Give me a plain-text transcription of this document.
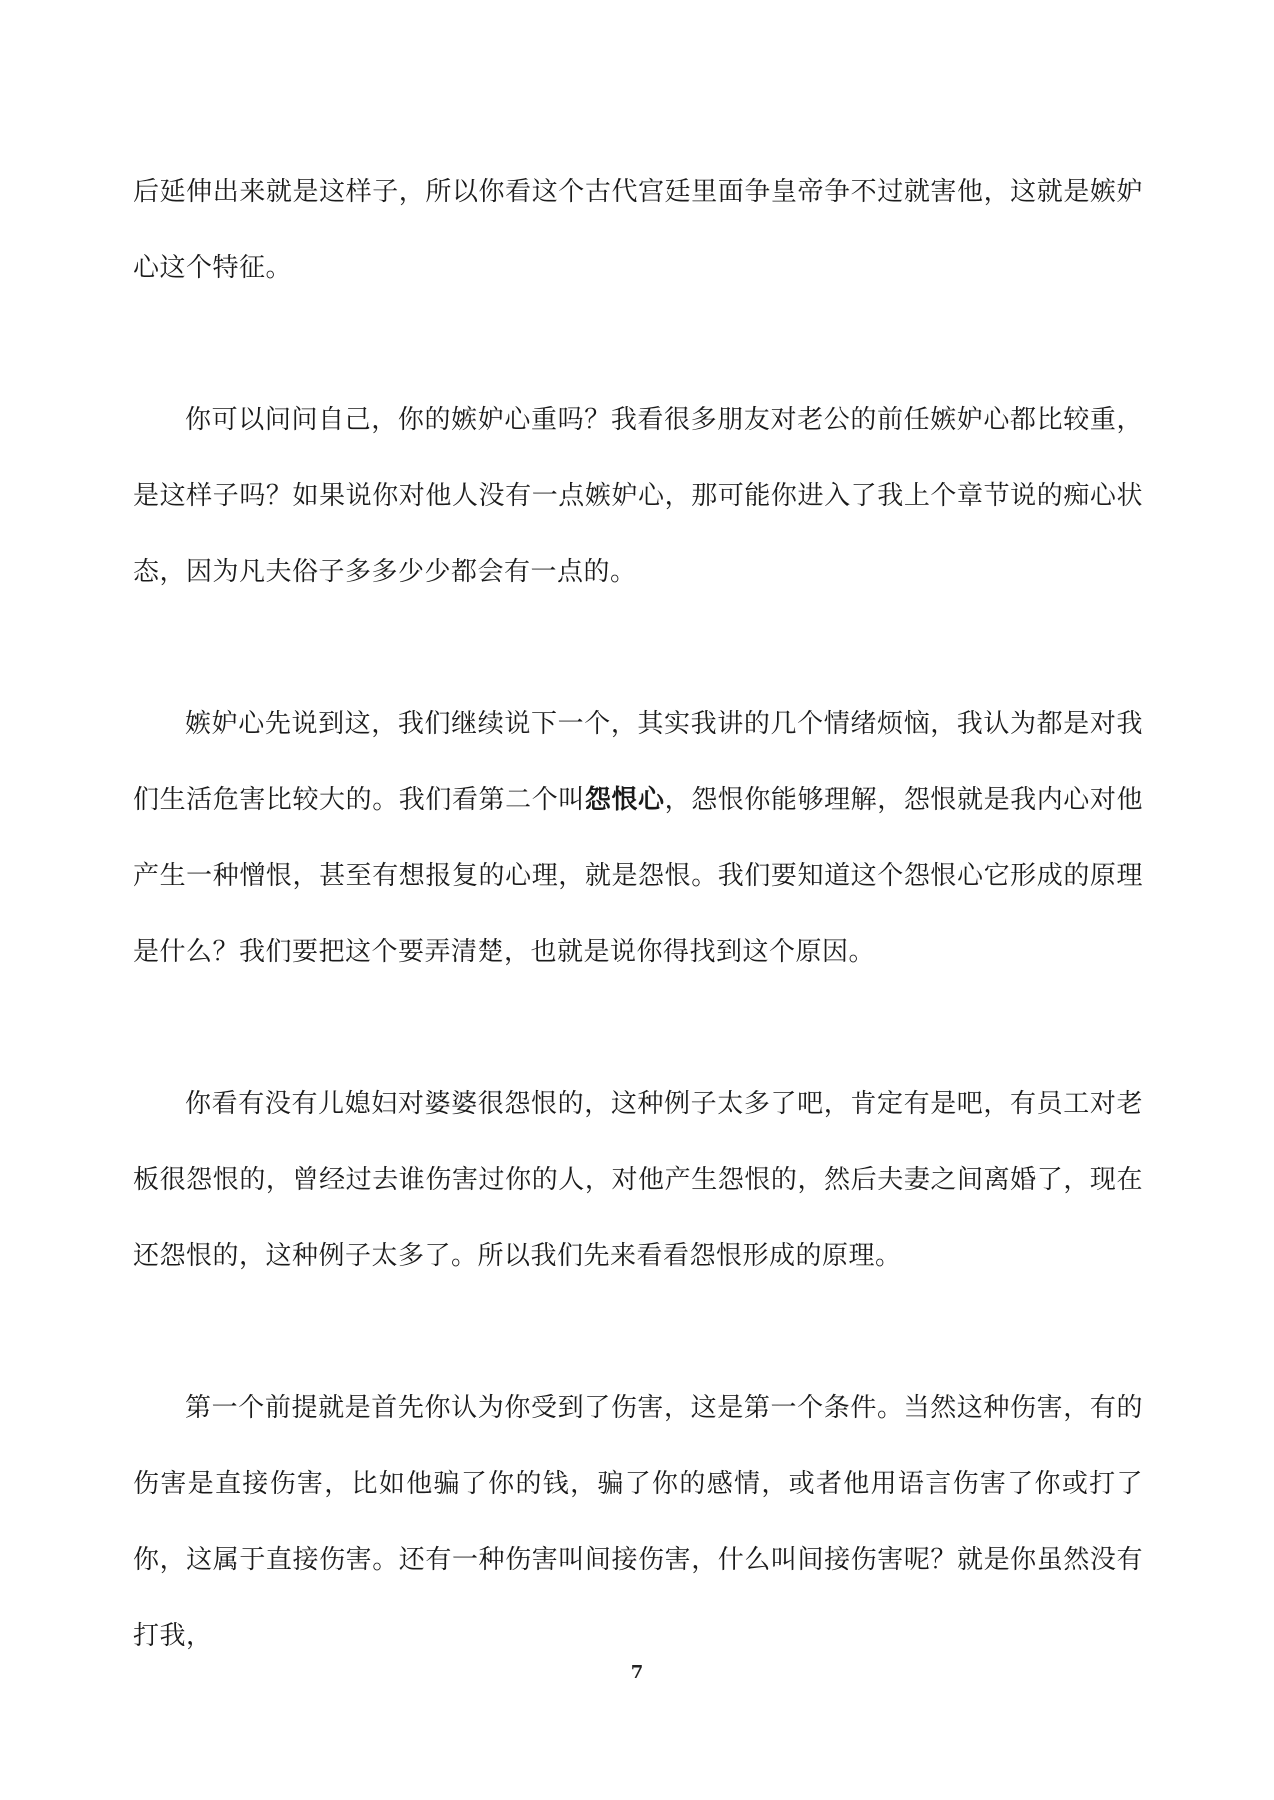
后延伸出来就是这样子，所以你看这个古代宫廷里面争皇帝争不过就害他，这就是嫉妒心这个特征。

你可以问问自己，你的嫉妒心重吗？我看很多朋友对老公的前任嫉妒心都比较重，是这样子吗？如果说你对他人没有一点嫉妒心，那可能你进入了我上个章节说的痴心状态，因为凡夫俗子多多少少都会有一点的。

嫉妒心先说到这，我们继续说下一个，其实我讲的几个情绪烦恼，我认为都是对我们生活危害比较大的。我们看第二个叫怨恨心，怨恨你能够理解，怨恨就是我内心对他产生一种憎恨，甚至有想报复的心理，就是怨恨。我们要知道这个怨恨心它形成的原理是什么？我们要把这个要弄清楚，也就是说你得找到这个原因。

你看有没有儿媳妇对婆婆很怨恨的，这种例子太多了吧，肯定有是吧，有员工对老板很怨恨的，曾经过去谁伤害过你的人，对他产生怨恨的，然后夫妻之间离婚了，现在还怨恨的，这种例子太多了。所以我们先来看看怨恨形成的原理。

第一个前提就是首先你认为你受到了伤害，这是第一个条件。当然这种伤害，有的伤害是直接伤害，比如他骗了你的钱，骗了你的感情，或者他用语言伤害了你或打了你，这属于直接伤害。还有一种伤害叫间接伤害，什么叫间接伤害呢？就是你虽然没有打我，

7
